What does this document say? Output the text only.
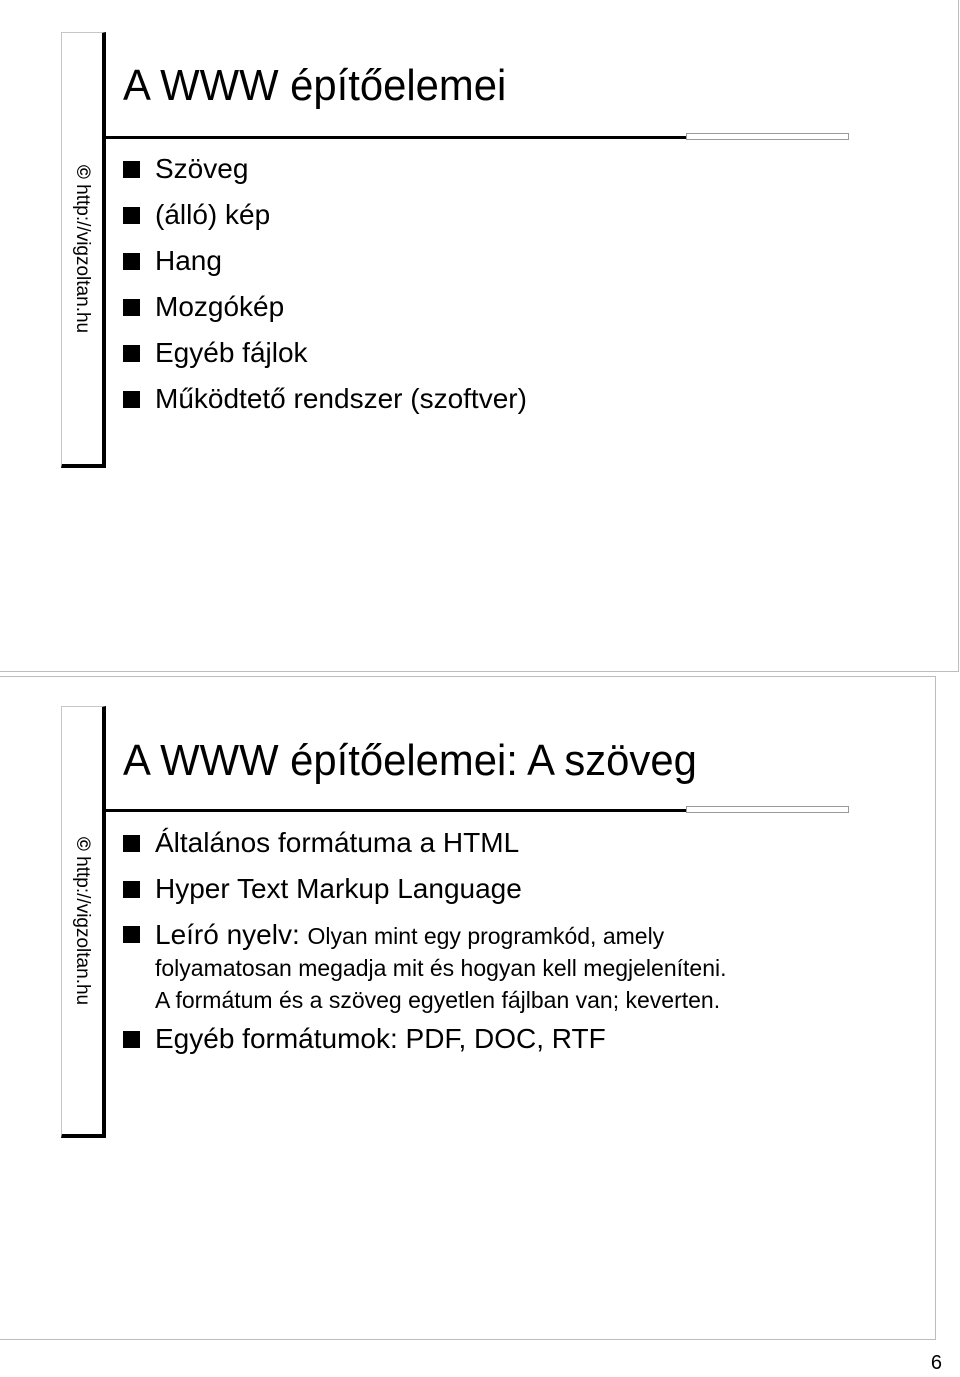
© http://vigzoltan.hu
A WWW építőelemei
Szöveg
(álló) kép
Hang
Mozgókép
Egyéb fájlok
Működtető rendszer (szoftver)
© http://vigzoltan.hu
A WWW építőelemei: A szöveg
Általános formátuma a HTML
Hyper Text Markup Language
Leíró nyelv: Olyan mint egy programkód, amely
folyamatosan megadja mit és hogyan kell megjeleníteni.
A formátum és a szöveg egyetlen fájlban van; keverten.
Egyéb formátumok: PDF, DOC, RTF
6
